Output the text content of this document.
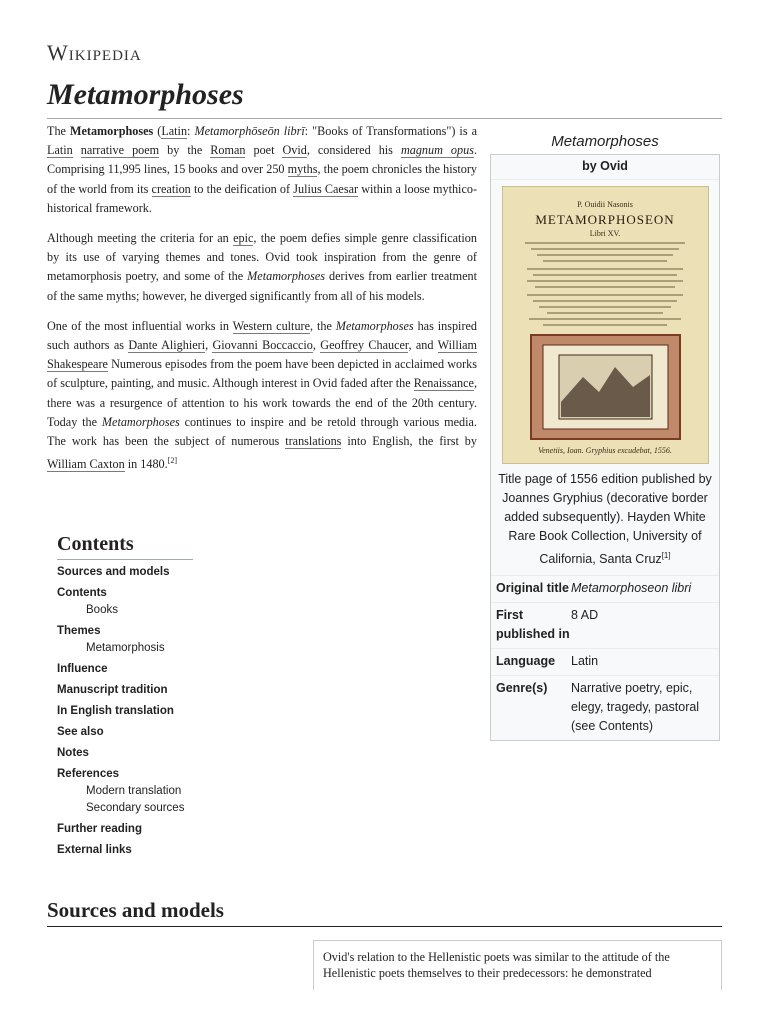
Wikipedia
Metamorphoses

The Metamorphoses (Latin: Metamorphōseōn librī: "Books of Transformations") is a Latin narrative poem by the Roman poet Ovid, considered his magnum opus. Comprising 11,995 lines, 15 books and over 250 myths, the poem chronicles the history of the world from its creation to the deification of Julius Caesar within a loose mythico-historical framework.

Although meeting the criteria for an epic, the poem defies simple genre classification by its use of varying themes and tones. Ovid took inspiration from the genre of metamorphosis poetry, and some of the Metamorphoses derives from earlier treatment of the same myths; however, he diverged significantly from all of his models.

One of the most influential works in Western culture, the Metamorphoses has inspired such authors as Dante Alighieri, Giovanni Boccaccio, Geoffrey Chaucer, and William Shakespeare Numerous episodes from the poem have been depicted in acclaimed works of sculpture, painting, and music. Although interest in Ovid faded after the Renaissance, there was a resurgence of attention to his work towards the end of the 20th century. Today the Metamorphoses continues to inspire and be retold through various media. The work has been the subject of numerous translations into English, the first by William Caxton in 1480.[2]

Metamorphoses
by Ovid
P. Ouidii Nasonis
METAMORPHOSEON
Libri XV.
Venetiis, Ioan. Gryphius excudebat, 1556.
Title page of 1556 edition published by Joannes Gryphius (decorative border added subsequently). Hayden White Rare Book Collection, University of California, Santa Cruz[1]
Original title Metamorphoseon libri
First published in
8 AD
Language	Latin
Genre(s)	Narrative poetry, epic, elegy, tragedy, pastoral (see Contents)
Contents
Sources and models
Contents
Books
Themes
Metamorphosis
Influence
Manuscript tradition
In English translation
See also
Notes
References
Modern translation
Secondary sources
Further reading
External links
Sources and models
Ovid's relation to the Hellenistic poets was similar to the attitude of the Hellenistic poets themselves to their predecessors: he demonstrated
